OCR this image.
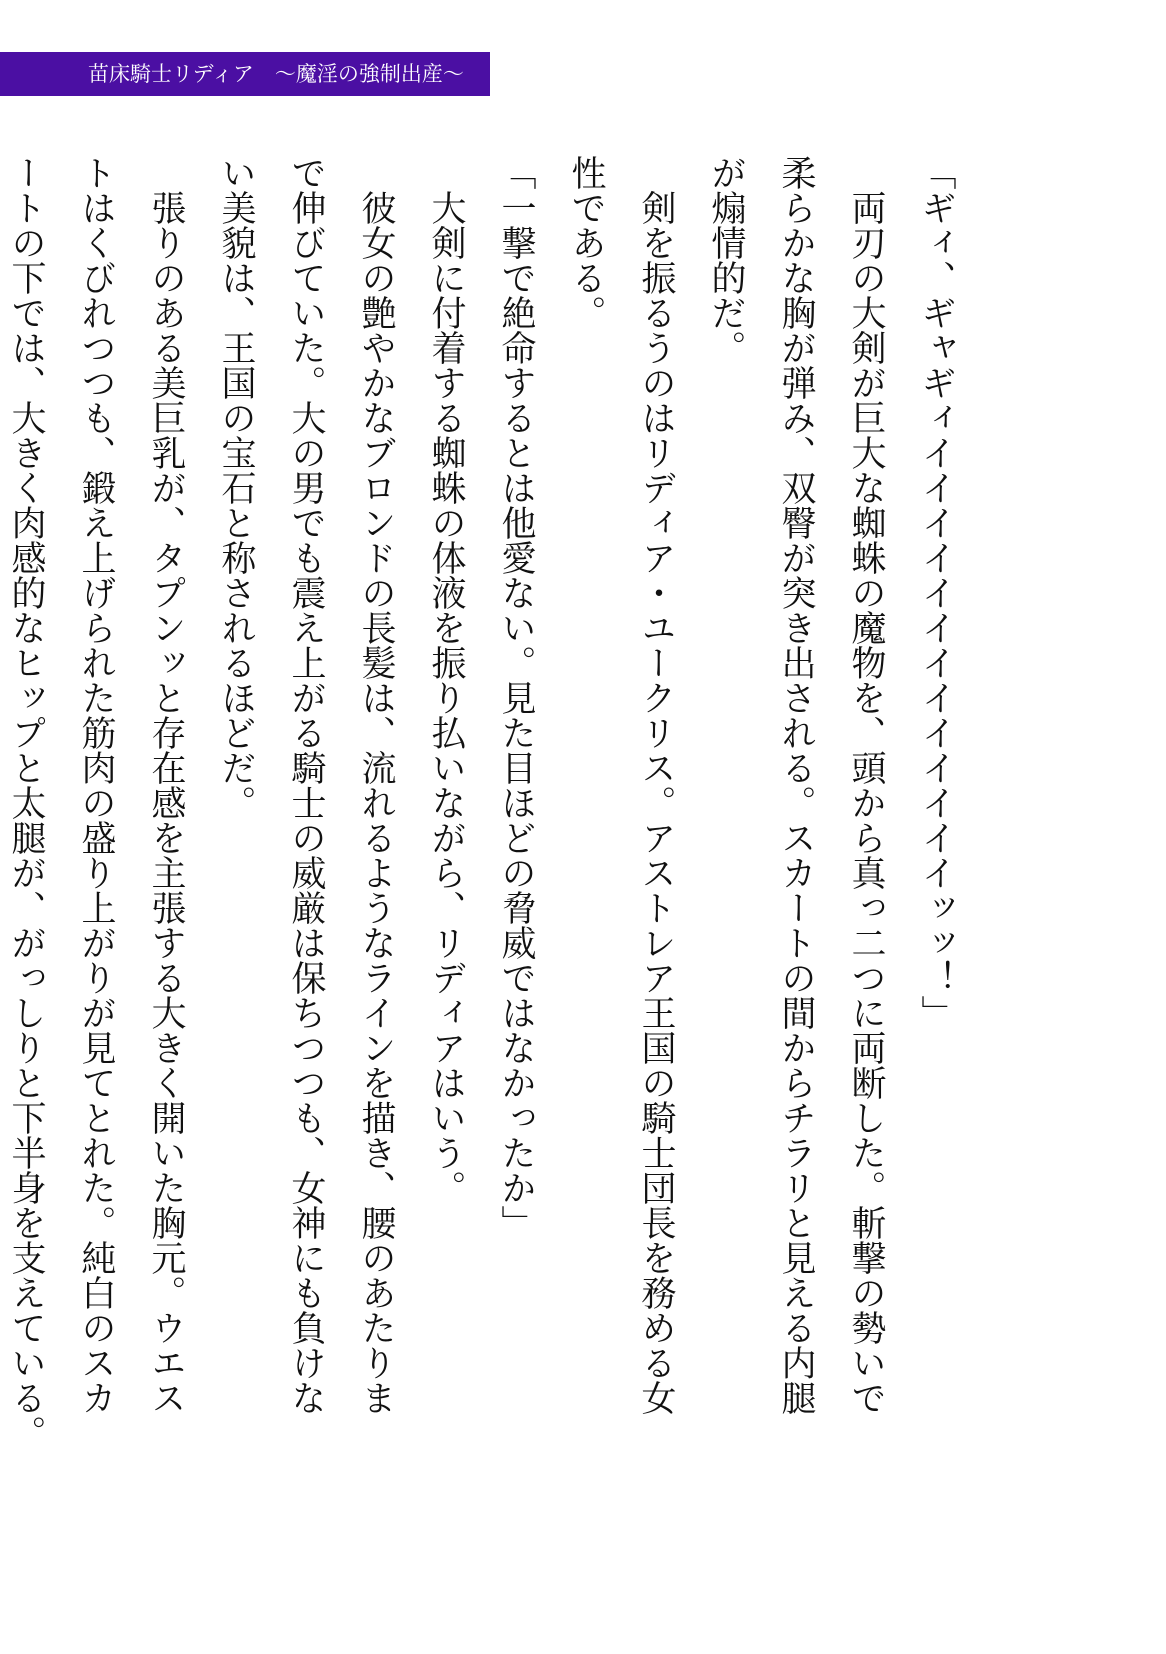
苗床騎士リディア　〜魔淫の強制出産〜

「ギィ、ギャギィイイイイイイイイイイイイイッッ！」

　両刃の大剣が巨大な蜘蛛の魔物を、頭から真っ二つに両断した。斬撃の勢いで

柔らかな胸が弾み、双臀が突き出される。スカートの間からチラリと見える内腿

が煽情的だ。

　剣を振るうのはリディア・ユークリス。アストレア王国の騎士団長を務める女

性である。

「一撃で絶命するとは他愛ない。見た目ほどの脅威ではなかったか」

　大剣に付着する蜘蛛の体液を振り払いながら、リディアはいう。

　彼女の艶やかなブロンドの長髪は、流れるようなラインを描き、腰のあたりま

で伸びていた。大の男でも震え上がる騎士の威厳は保ちつつも、女神にも負けな

い美貌は、王国の宝石と称されるほどだ。

　張りのある美巨乳が、タプンッと存在感を主張する大きく開いた胸元。ウエス

トはくびれつつも、鍛え上げられた筋肉の盛り上がりが見てとれた。純白のスカ

ートの下では、大きく肉感的なヒップと太腿が、がっしりと下半身を支えている。
